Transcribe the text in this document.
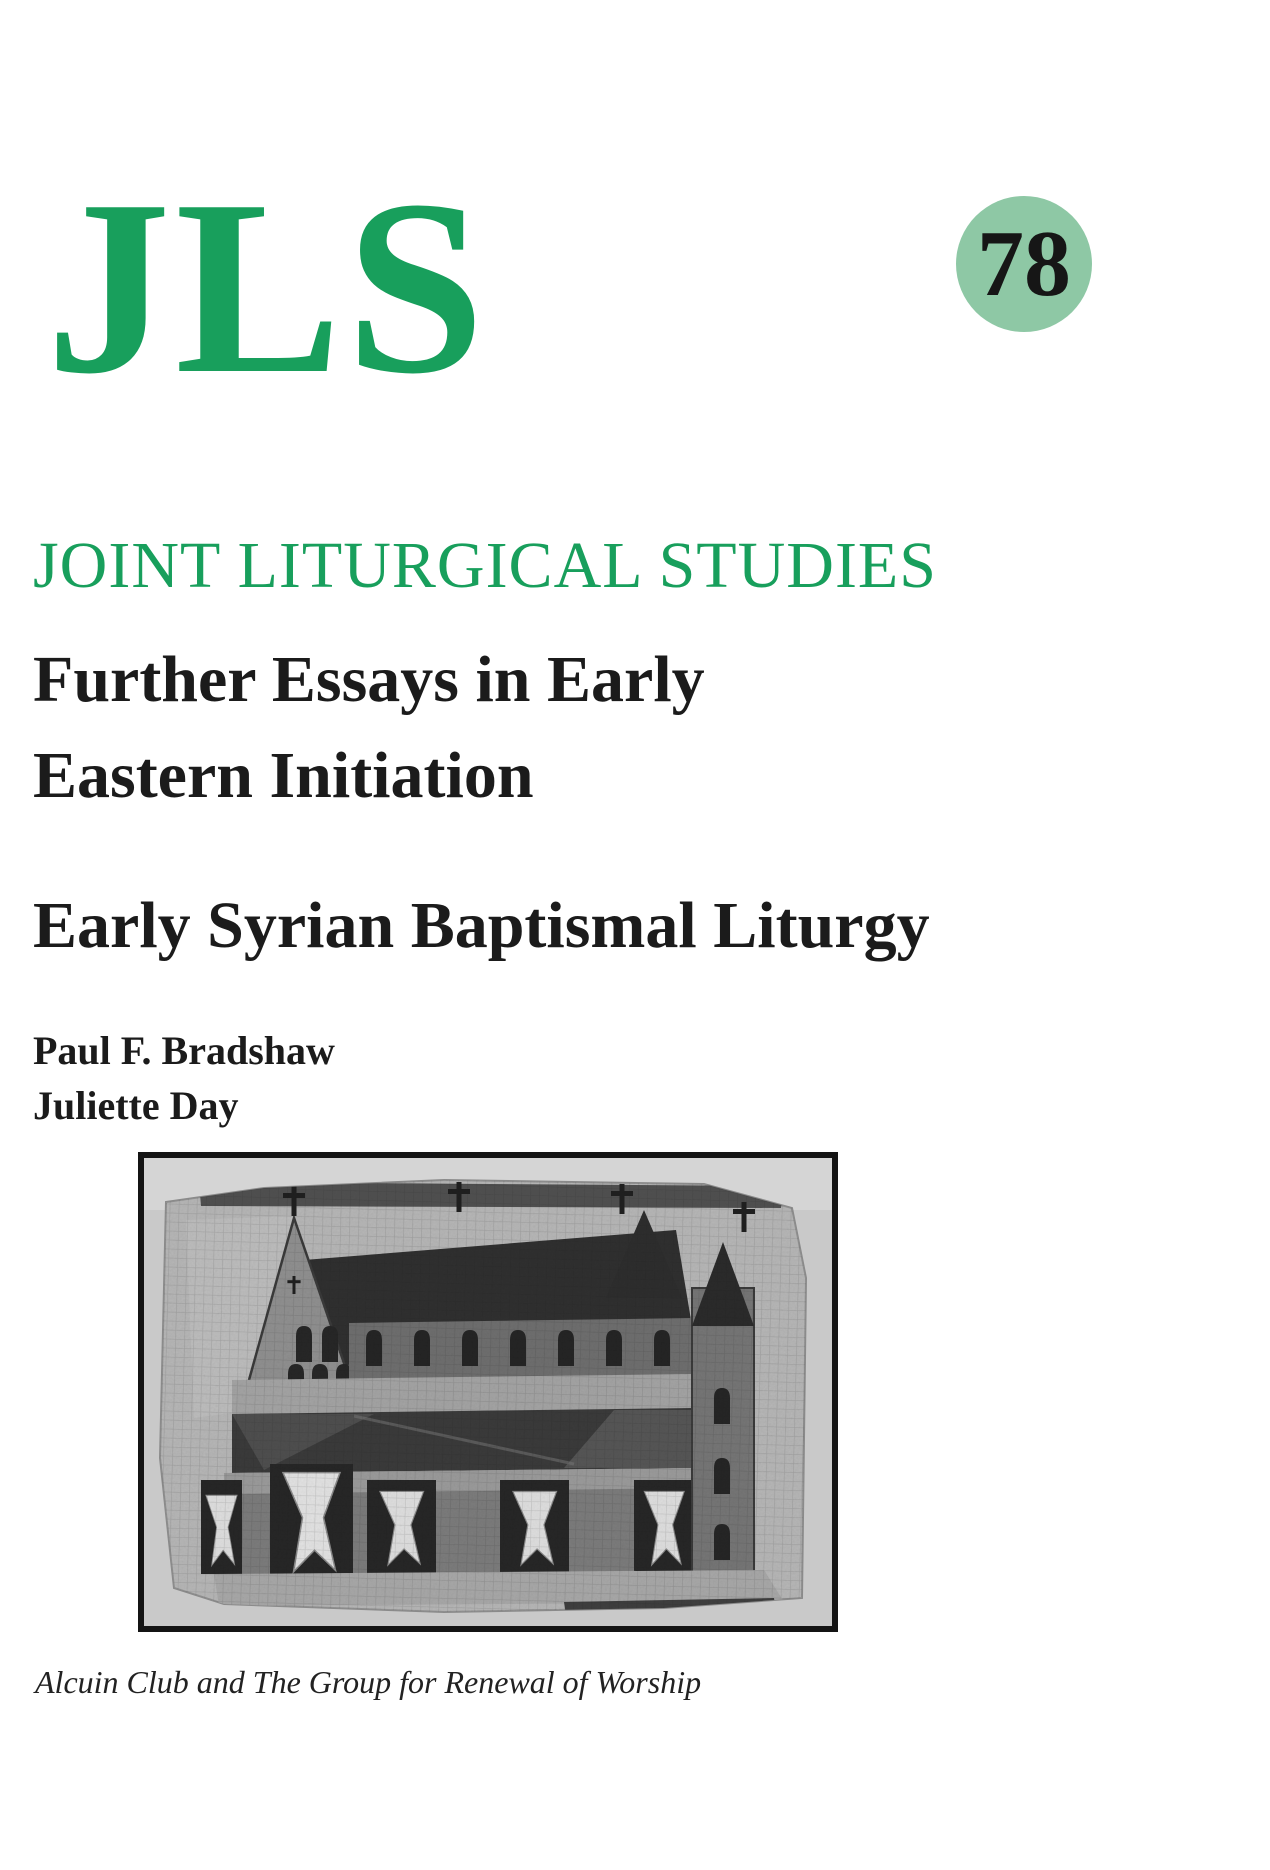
JLS	78
JOINT LITURGICAL STUDIES
Further Essays in Early
Eastern Initiation
Early Syrian Baptismal Liturgy
Paul F. Bradshaw
Juliette Day
Alcuin Club and The Group for Renewal of Worship
